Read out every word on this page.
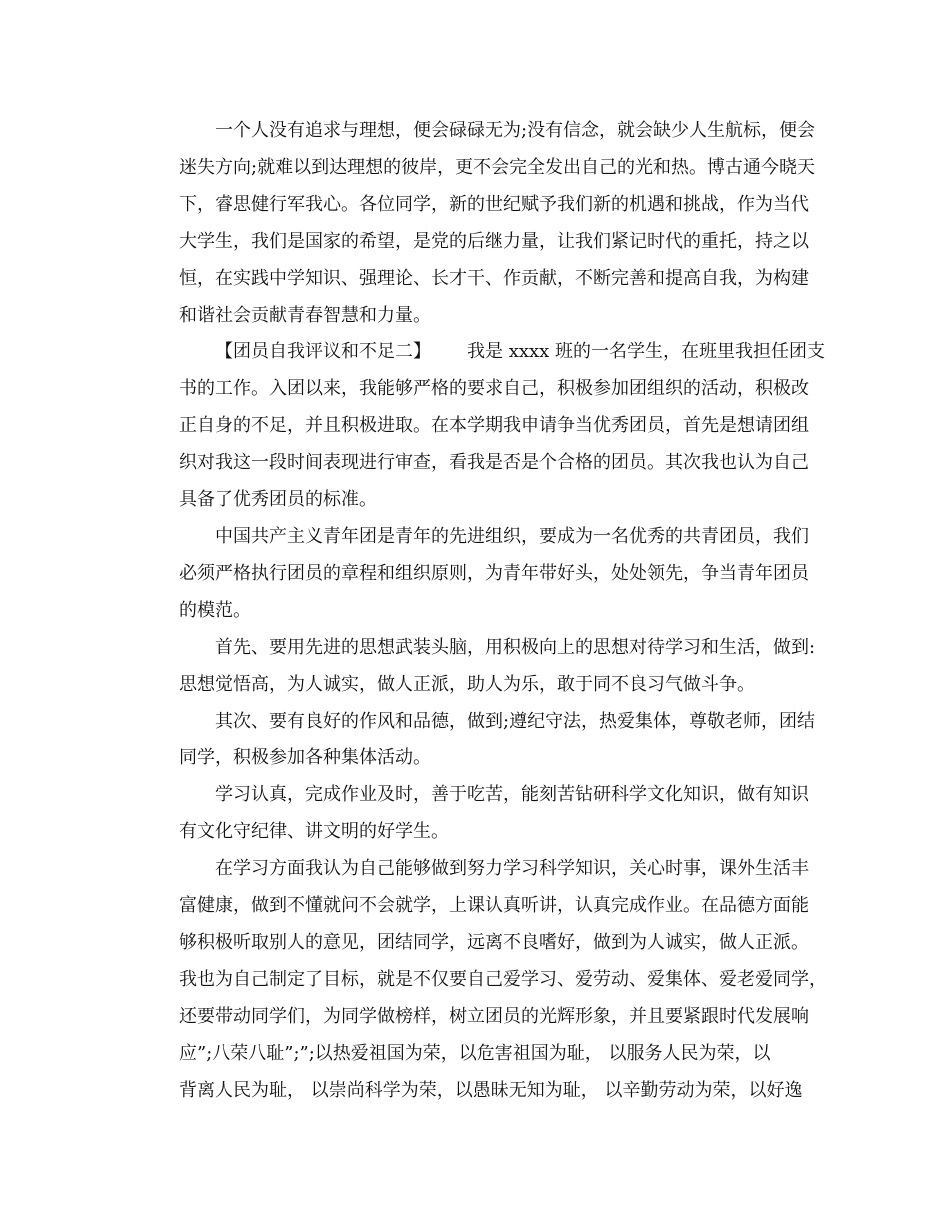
一个人没有追求与理想，便会碌碌无为;没有信念，就会缺少人生航标，便会
迷失方向;就难以到达理想的彼岸，更不会完全发出自己的光和热。博古通今晓天
下，睿思健行军我心。各位同学，新的世纪赋予我们新的机遇和挑战，作为当代
大学生，我们是国家的希望，是党的后继力量，让我们紧记时代的重托，持之以
恒，在实践中学知识、强理论、长才干、作贡献，不断完善和提高自我，为构建
和谐社会贡献青春智慧和力量。
【团员自我评议和不足二】 我是 xxxx 班的一名学生，在班里我担任团支
书的工作。入团以来，我能够严格的要求自己，积极参加团组织的活动，积极改
正自身的不足，并且积极进取。在本学期我申请争当优秀团员，首先是想请团组
织对我这一段时间表现进行审查，看我是否是个合格的团员。其次我也认为自己
具备了优秀团员的标准。
中国共产主义青年团是青年的先进组织，要成为一名优秀的共青团员，我们
必须严格执行团员的章程和组织原则，为青年带好头，处处领先，争当青年团员
的模范。
首先、要用先进的思想武装头脑，用积极向上的思想对待学习和生活，做到:
思想觉悟高，为人诚实，做人正派，助人为乐，敢于同不良习气做斗争。
其次、要有良好的作风和品德，做到;遵纪守法，热爱集体，尊敬老师，团结
同学，积极参加各种集体活动。
学习认真，完成作业及时，善于吃苦，能刻苦钻研科学文化知识，做有知识
有文化守纪律、讲文明的好学生。
在学习方面我认为自己能够做到努力学习科学知识，关心时事，课外生活丰
富健康，做到不懂就问不会就学，上课认真听讲，认真完成作业。在品德方面能
够积极听取别人的意见，团结同学，远离不良嗜好，做到为人诚实，做人正派。
我也为自己制定了目标，就是不仅要自己爱学习、爱劳动、爱集体、爱老爱同学，
还要带动同学们，为同学做榜样，树立团员的光辉形象，并且要紧跟时代发展响
应”;八荣八耻”;”;以热爱祖国为荣，以危害祖国为耻， 以服务人民为荣，以
背离人民为耻， 以崇尚科学为荣，以愚昧无知为耻， 以辛勤劳动为荣，以好逸
